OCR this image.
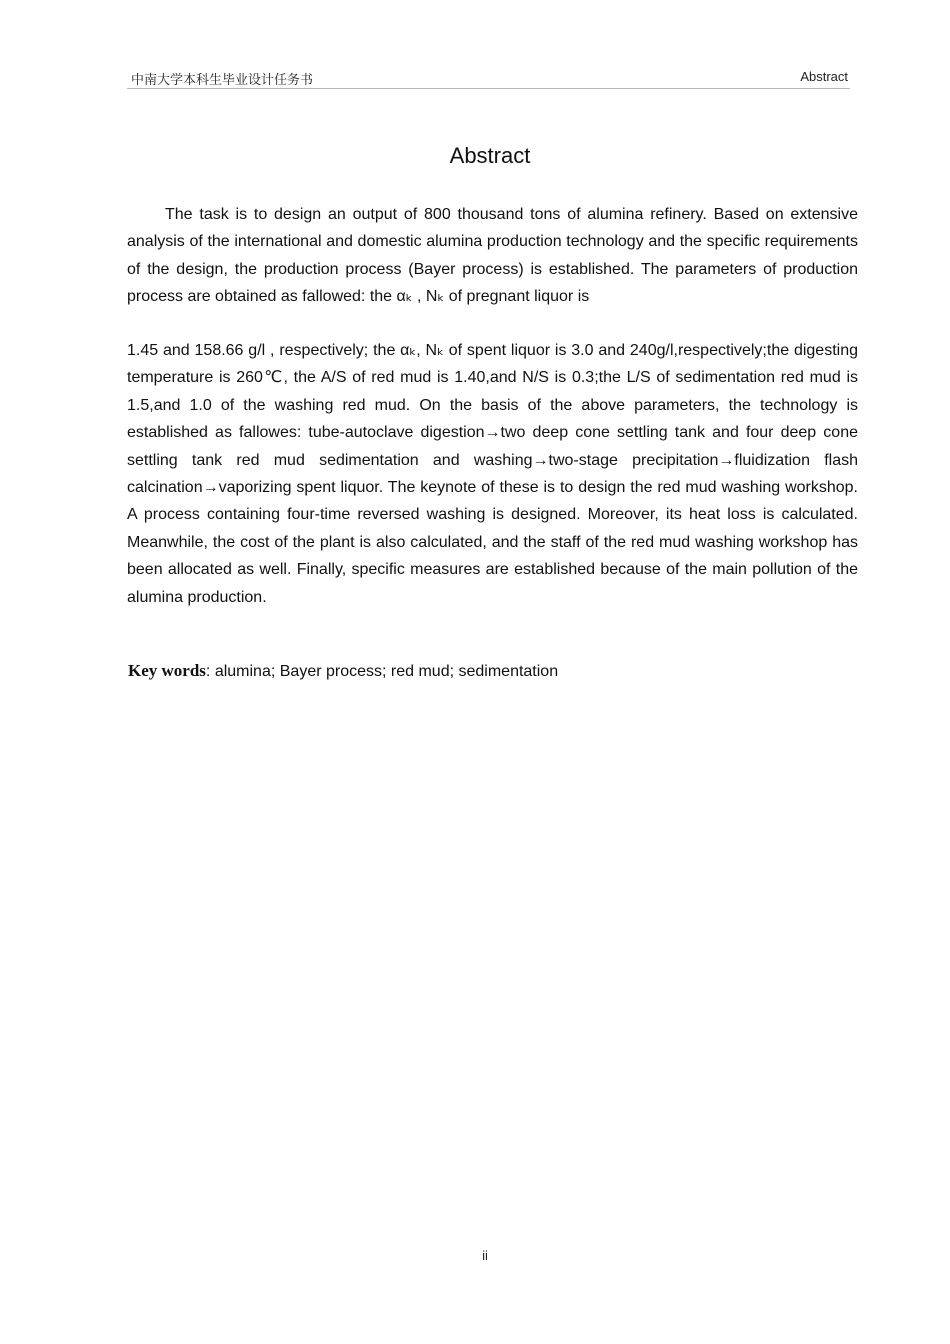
中南大学本科生毕业设计任务书	Abstract
Abstract

The task is to design an output of 800 thousand tons of alumina refinery. Based on extensive analysis of the international and domestic alumina production technology and the specific requirements of the design, the production process (Bayer process) is established. The parameters of production process are obtained as fallowed: the αₖ , Nₖ of pregnant liquor is

1.45 and 158.66 g/l , respectively; the αₖ, Nₖ of spent liquor is 3.0 and 240g/l,respectively;the digesting temperature is 260℃, the A/S of red mud is 1.40,and N/S is 0.3;the L/S of sedimentation red mud is 1.5,and 1.0 of the washing red mud. On the basis of the above parameters, the technology is established as fallowes: tube-autoclave digestion→two deep cone settling tank and four deep cone settling tank red mud sedimentation and washing→two-stage precipitation→fluidization flash calcination→vaporizing spent liquor. The keynote of these is to design the red mud washing workshop. A process containing four-time reversed washing is designed. Moreover, its heat loss is calculated. Meanwhile, the cost of the plant is also calculated, and the staff of the red mud washing workshop has been allocated as well. Finally, specific measures are established because of the main pollution of the alumina production.

Key words: alumina; Bayer process; red mud; sedimentation

ii
